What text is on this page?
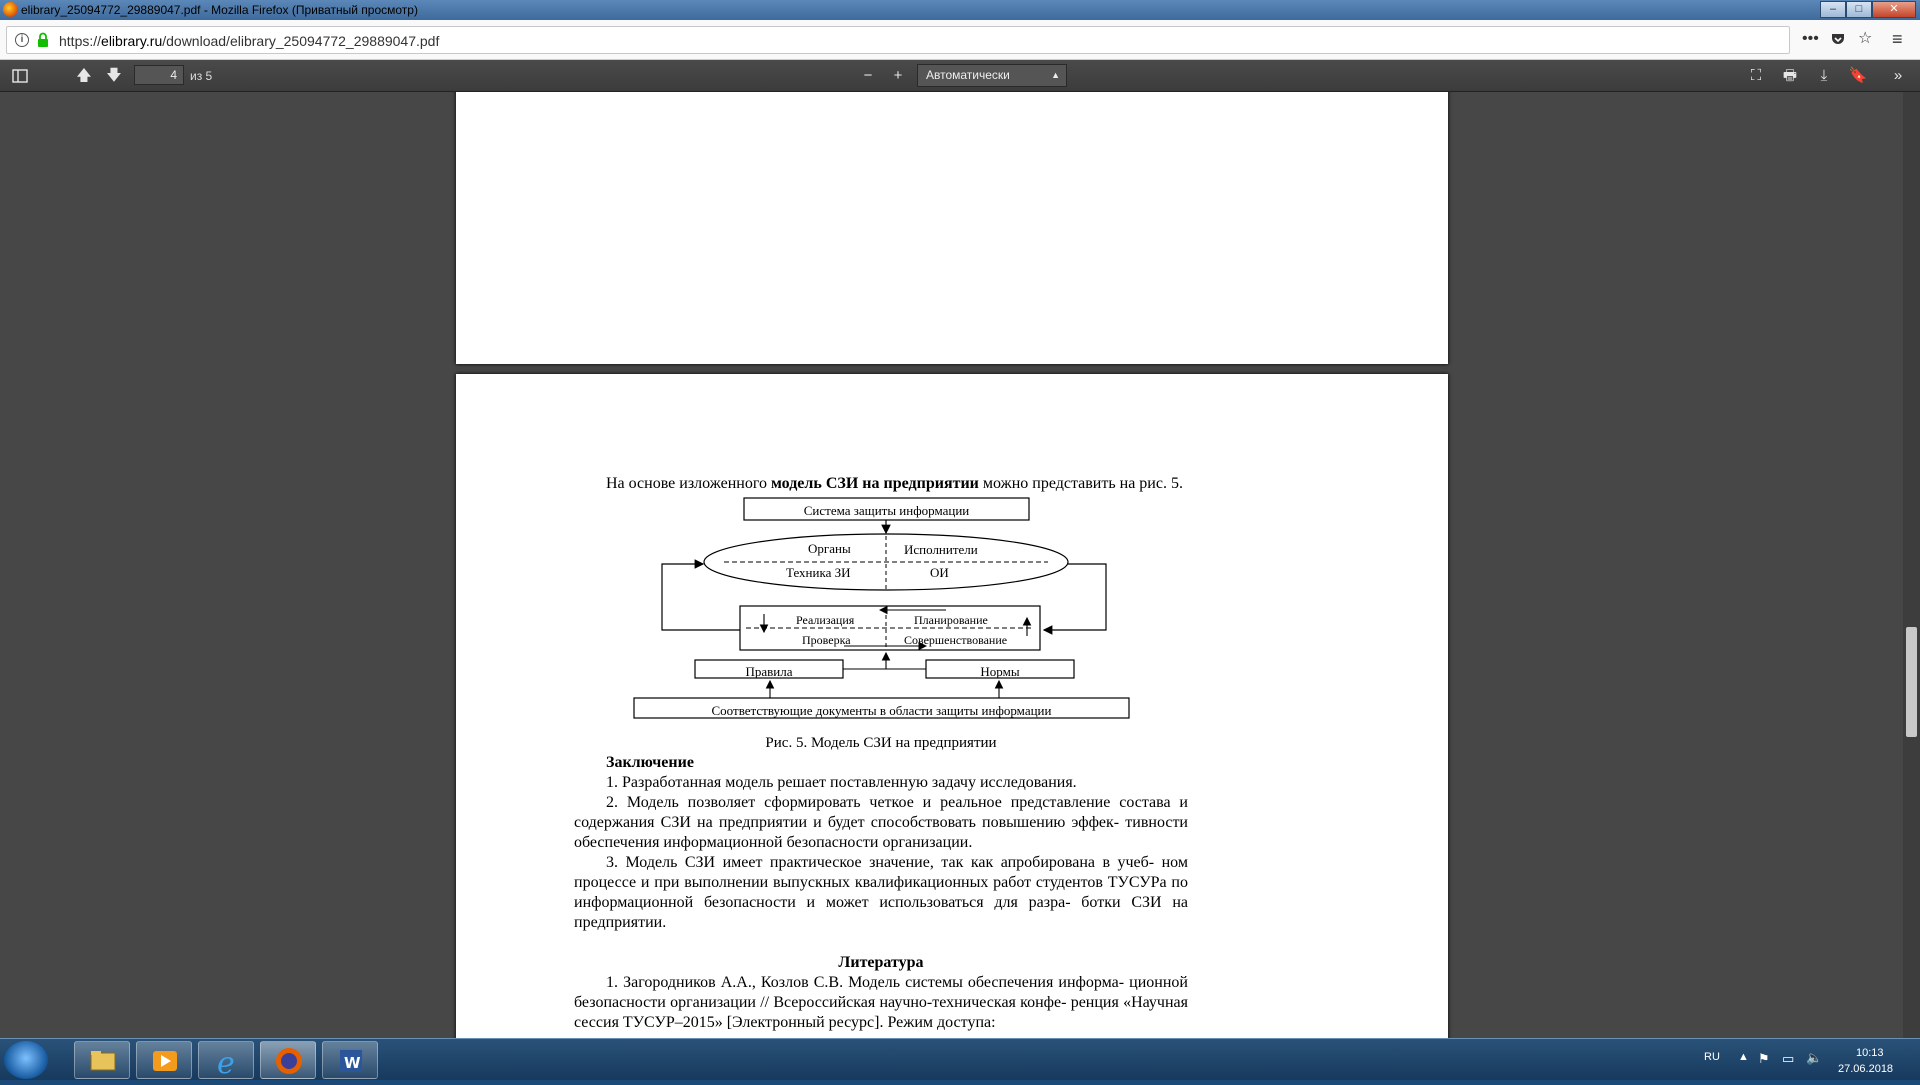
elibrary_25094772_29889047.pdf - Mozilla Firefox (Приватный просмотр)	–	□	✕
i	https://elibrary.ru/download/elibrary_25094772_29889047.pdf	••• ☆ ≡
🡅 🡇	4	из 5	−	+	Автоматически	▲	⛶	🖶	⤓	🔖	»

На основе изложенного модель СЗИ на предприятии можно представить на рис. 5.

Система защиты информации
Органы	Исполнители
Техника ЗИ	ОИ
Реализация	Планирование
Проверка	Совершенствование
Правила	Нормы
Соответствующие документы в области защиты информации

Рис. 5. Модель СЗИ на предприятии

Заключение

1. Разработанная модель решает поставленную задачу исследования.

2. Модель позволяет сформировать четкое и реальное представление состава и содержания СЗИ на предприятии и будет способствовать повышению эффек- тивности обеспечения информационной безопасности организации.

3. Модель СЗИ имеет практическое значение, так как апробирована в учеб- ном процессе и при выполнении выпускных квалификационных работ студентов ТУСУРа по информационной безопасности и может использоваться для разра- ботки СЗИ на предприятии.

Литература

1. Загородников А.А., Козлов С.В. Модель системы обеспечения информа- ционной безопасности организации // Всероссийская научно-техническая конфе- ренция «Научная сессия ТУСУР–2015» [Электронный ресурс]. Режим доступа:

e	W	RU ▲ ⚑ ▭ 🔈	10:13
27.06.2018
